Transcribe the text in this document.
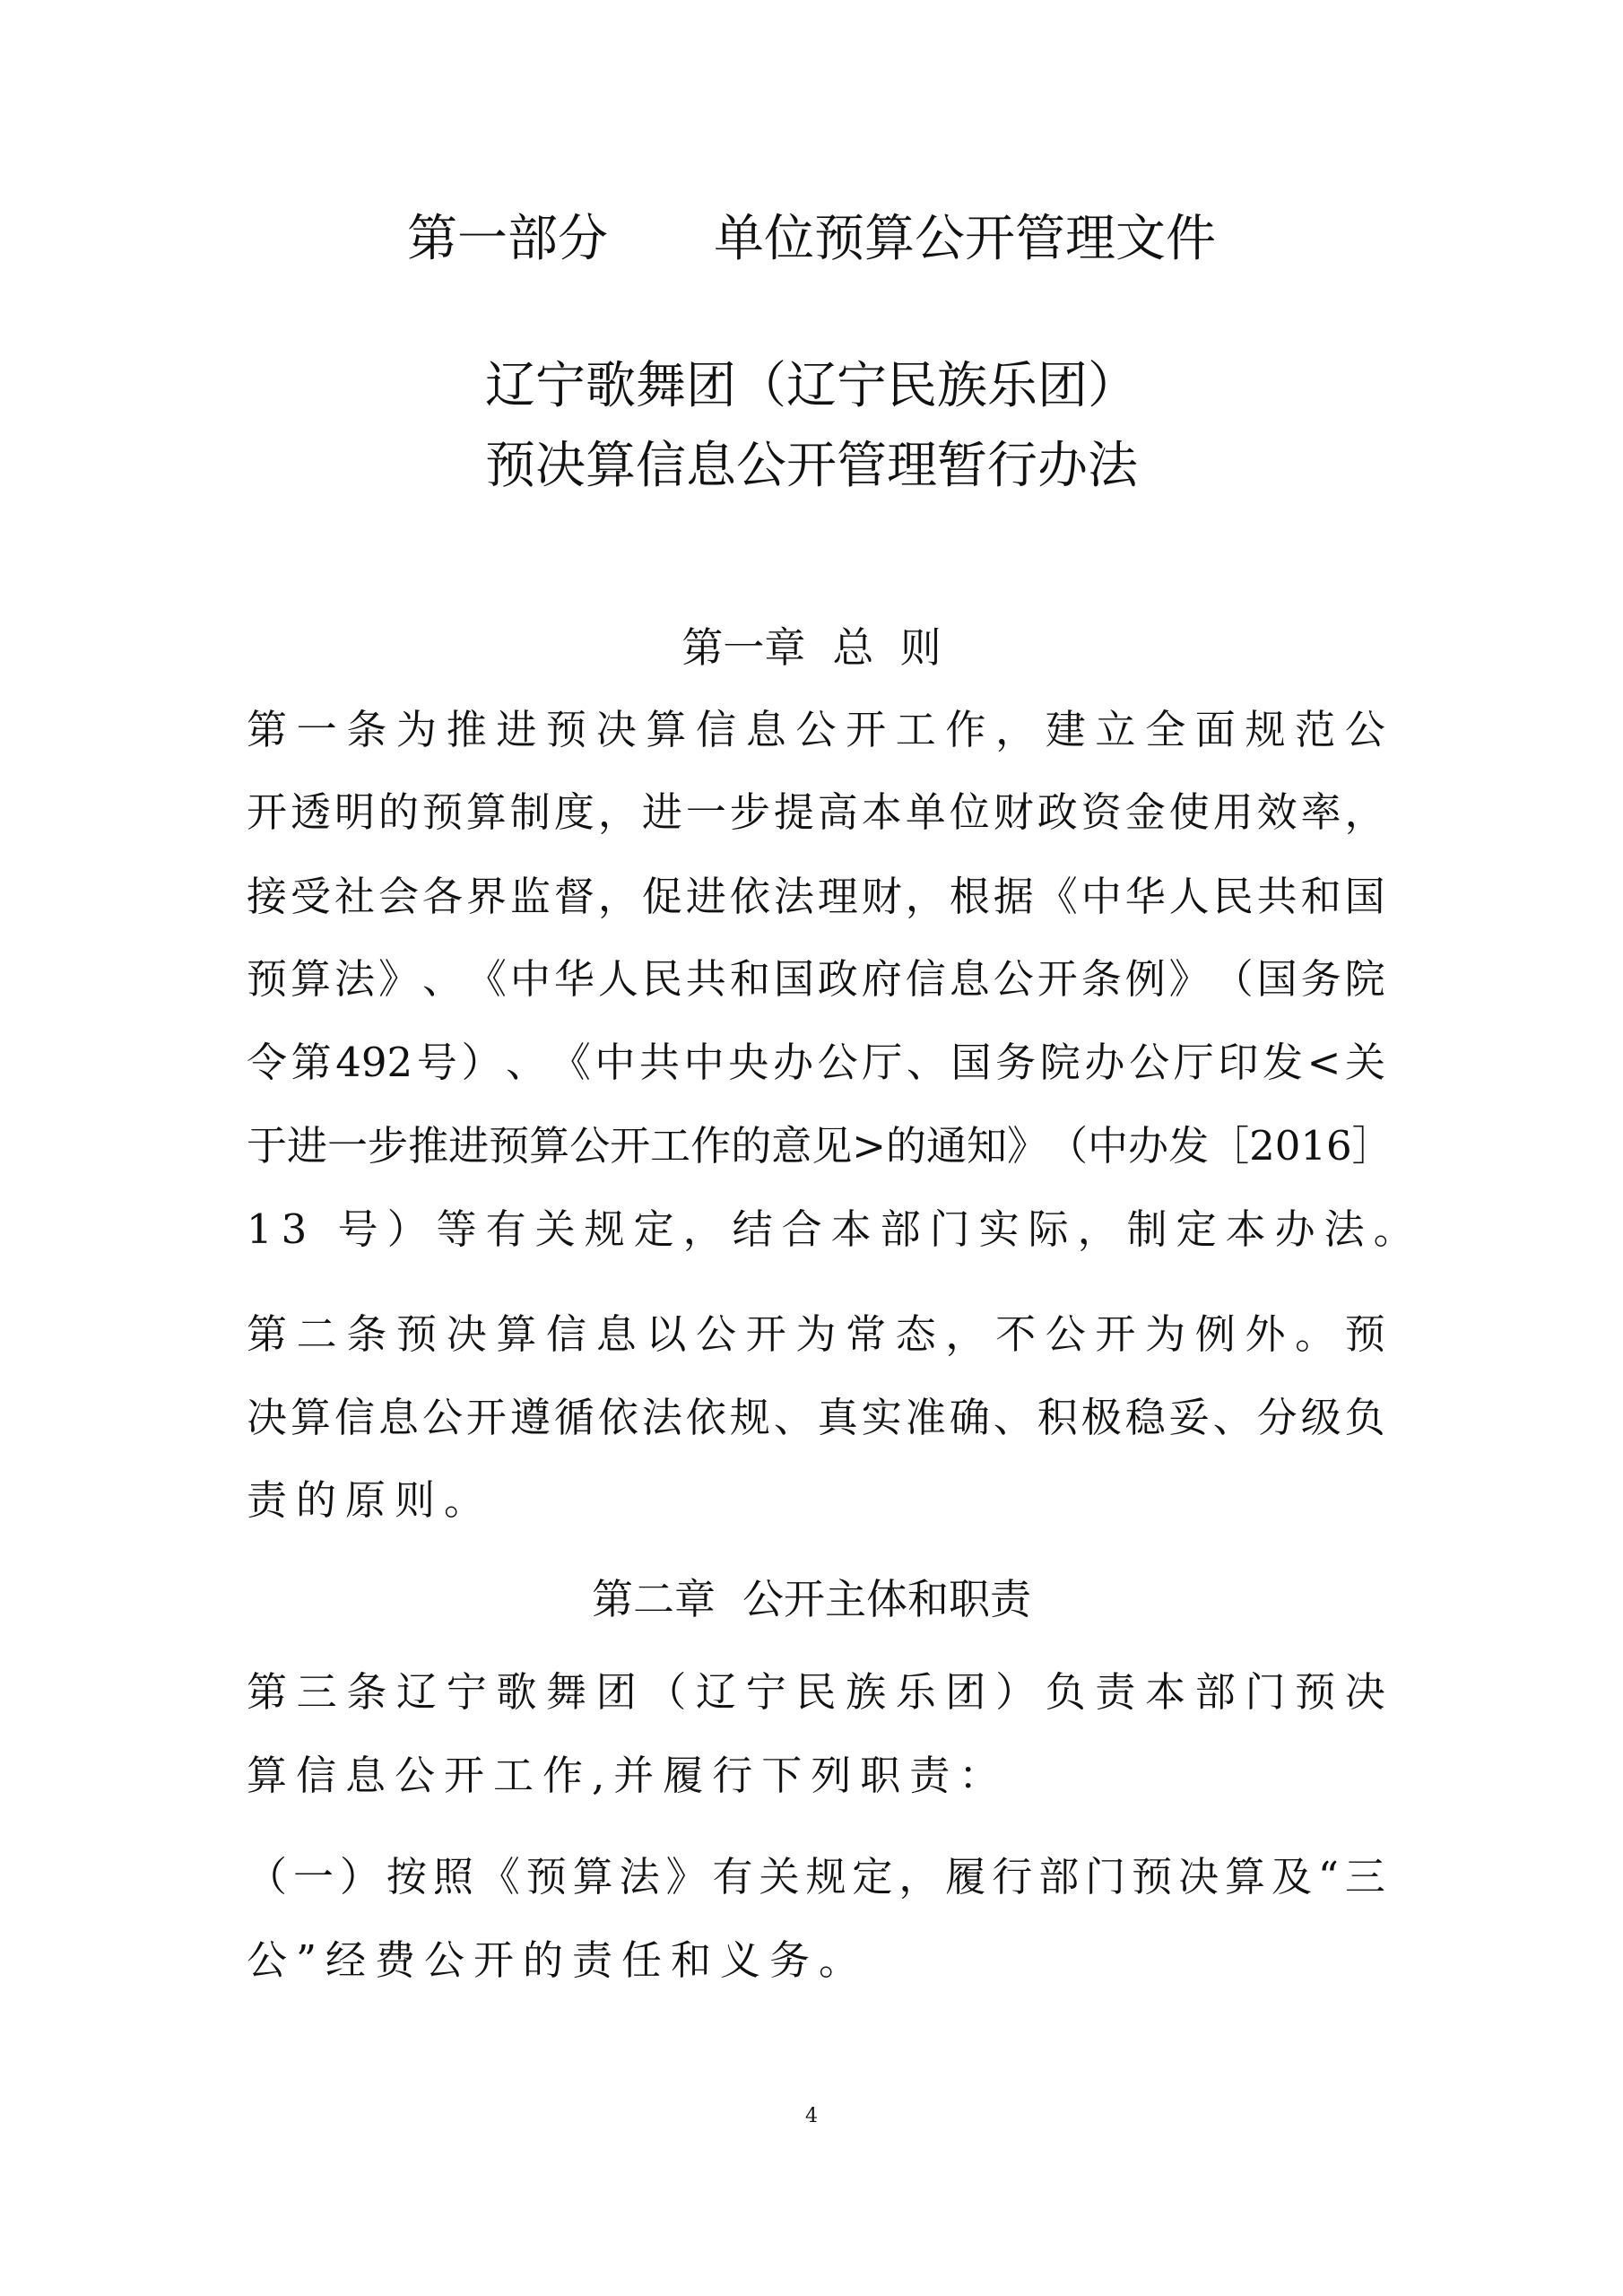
第一部分 单位预算公开管理文件
辽宁歌舞团（辽宁民族乐团）
预决算信息公开管理暂行办法
第一章 总  则
第 一 条 为 推 进 预 决 算 信 息 公 开 工 作 ， 建 立 全 面 规 范 公
开 透 明 的 预 算 制 度 ， 进 一 步 提 高 本 单 位 财 政 资 金 使 用 效 率 ，
接 受 社 会 各 界 监 督 ， 促 进 依 法 理 财 ， 根 据 《 中 华 人 民 共 和 国
预 算 法 》 、 《 中 华 人 民 共 和 国 政 府 信 息 公 开 条 例 》 （ 国 务 院
令 第 492 号 ） 、 《 中 共 中 央 办 公 厅 、 国 务 院 办 公 厅 印 发 < 关
于 进 一 步 推 进 预 算 公 开 工 作 的 意 见 > 的 通 知 》 （ 中 办 发 ［ 2016 ］
13 号）等有关规定，结合本部门实际，制定本办法。
第 二 条 预 决 算 信 息 以 公 开 为 常 态 ， 不 公 开 为 例 外 。 预
决 算 信 息 公 开 遵 循 依 法 依 规 、 真 实 准 确 、 积 极 稳 妥 、 分 级 负
责的原则。
第二章 公开主体和职责
第 三 条 辽 宁 歌 舞 团 （ 辽 宁 民 族 乐 团 ） 负 责 本 部 门 预 决
算信息公开工作,并履行下列职责：
（ 一 ） 按 照 《 预 算 法 》 有 关 规 定 ， 履 行 部 门 预 决 算 及 “ 三
公”经费公开的责任和义务。
4
